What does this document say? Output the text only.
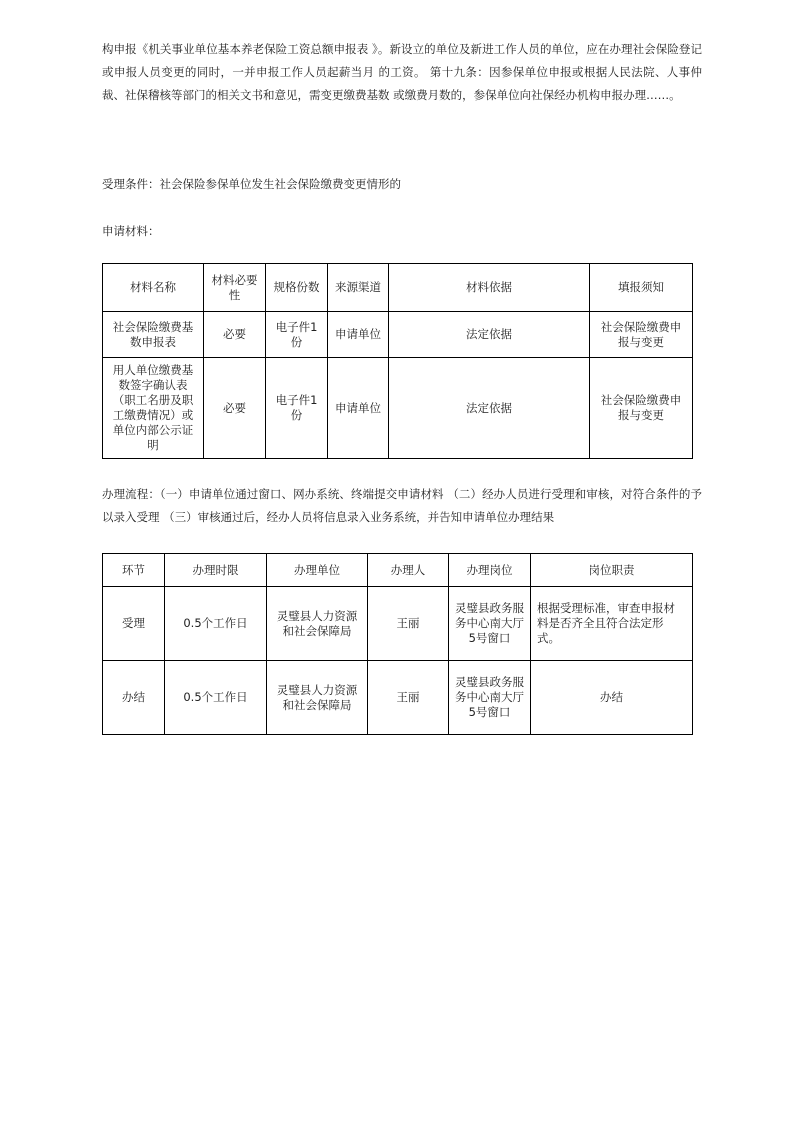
构申报《机关事业单位基本养老保险工资总额申报表 》。新设立的单位及新进工作人员的单位，应在办理社会保险登记或申报人员变更的同时，一并申报工作人员起薪当月 的工资。 第十九条：因参保单位申报或根据人民法院、人事仲裁、社保稽核等部门的相关文书和意见，需变更缴费基数 或缴费月数的，参保单位向社保经办机构申报办理……。

受理条件：社会保险参保单位发生社会保险缴费变更情形的

申请材料：

材料名称	材料必要性	规格份数	来源渠道	材料依据	填报须知
社会保险缴费基数申报表	必要	电子件1份	申请单位	法定依据	社会保险缴费申报与变更
用人单位缴费基数签字确认表（职工名册及职工缴费情况）或单位内部公示证明	必要	电子件1份	申请单位	法定依据	社会保险缴费申报与变更

办理流程：（一）申请单位通过窗口、网办系统、终端提交申请材料 （二）经办人员进行受理和审核，对符合条件的予以录入受理 （三）审核通过后，经办人员将信息录入业务系统，并告知申请单位办理结果

环节	办理时限	办理单位	办理人	办理岗位	岗位职责
受理	0.5个工作日	灵璧县人力资源和社会保障局	王丽	灵璧县政务服务中心南大厅5号窗口	根据受理标准，审查申报材料是否齐全且符合法定形式。
办结	0.5个工作日	灵璧县人力资源和社会保障局	王丽	灵璧县政务服务中心南大厅5号窗口	办结
